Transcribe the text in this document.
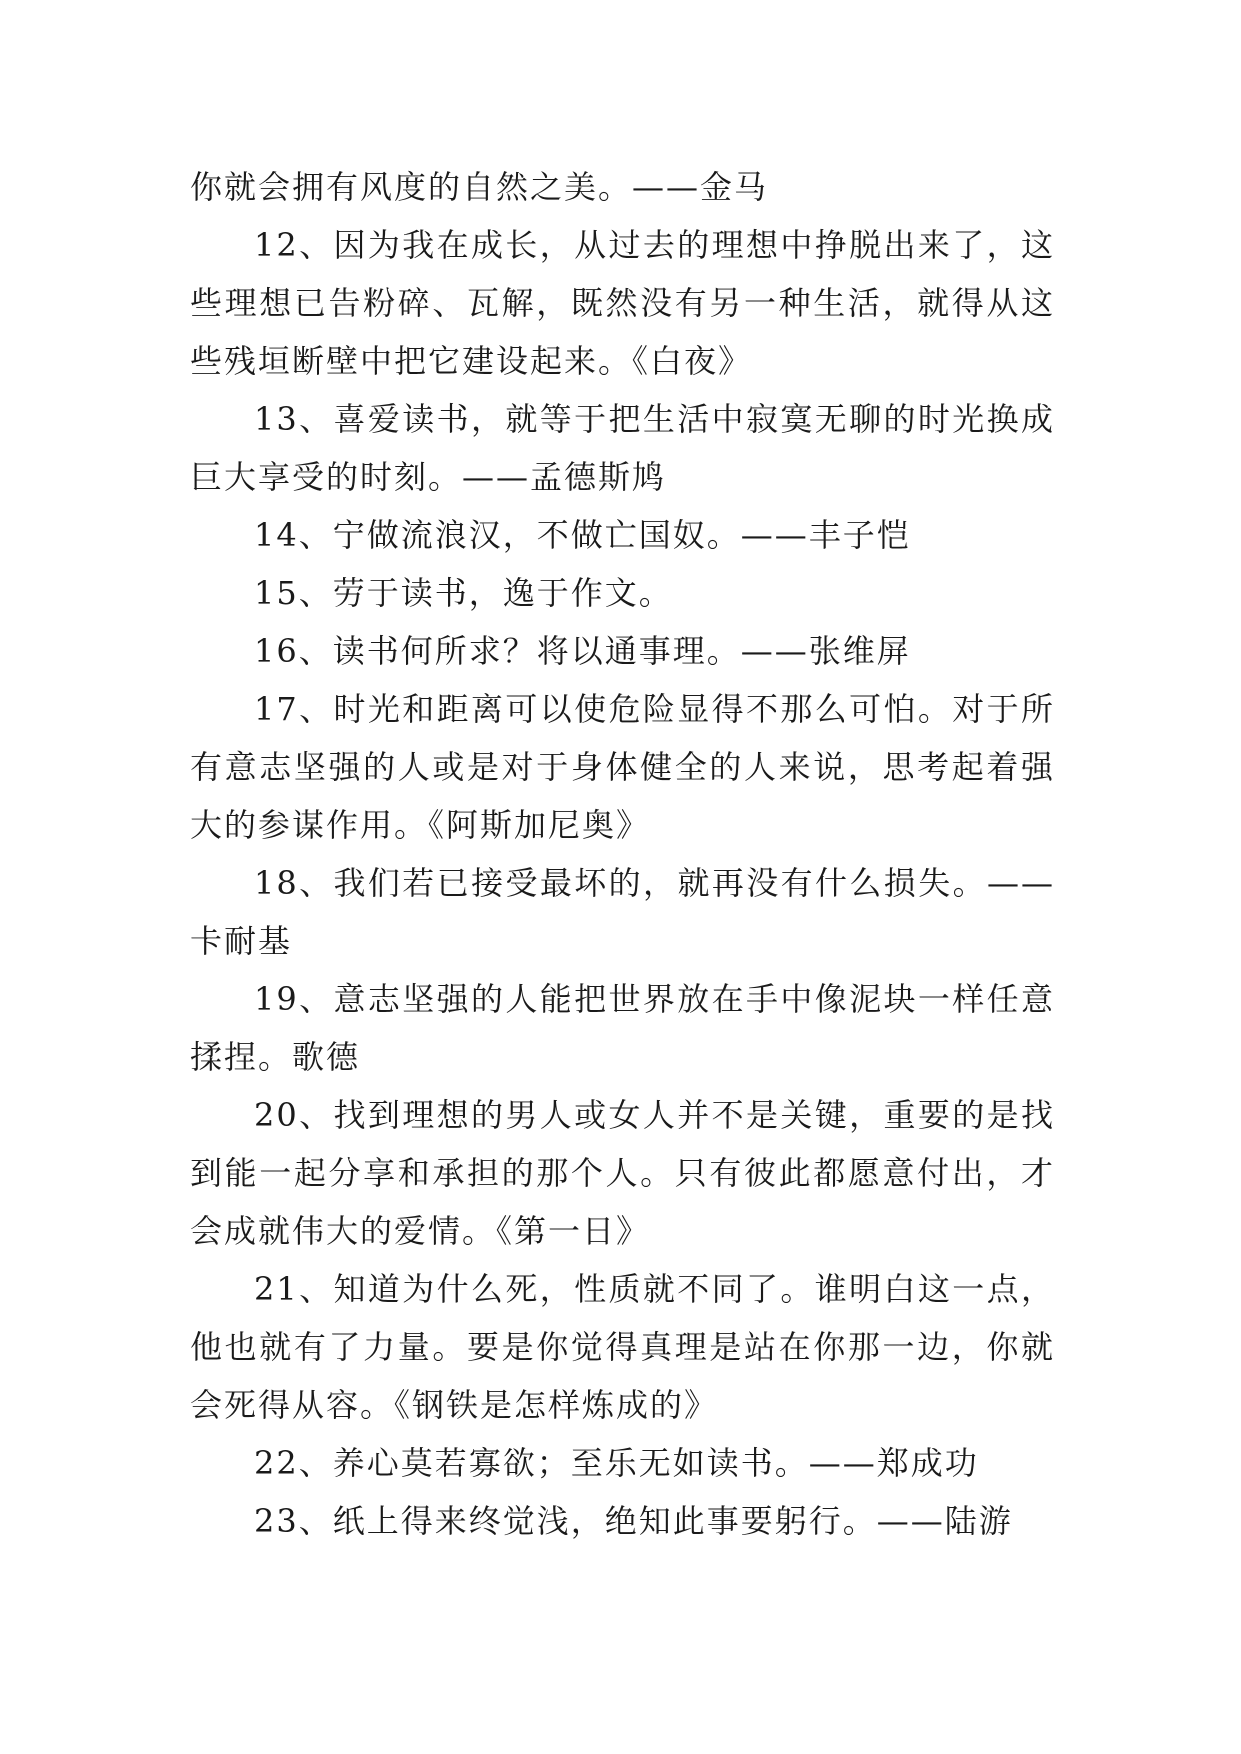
你就会拥有风度的自然之美。——金马

12、因为我在成长，从过去的理想中挣脱出来了，这些理想已告粉碎、瓦解，既然没有另一种生活，就得从这些残垣断壁中把它建设起来。《白夜》

13、喜爱读书，就等于把生活中寂寞无聊的时光换成巨大享受的时刻。——孟德斯鸠

14、宁做流浪汉，不做亡国奴。——丰子恺

15、劳于读书，逸于作文。

16、读书何所求？将以通事理。——张维屏

17、时光和距离可以使危险显得不那么可怕。对于所有意志坚强的人或是对于身体健全的人来说，思考起着强大的参谋作用。《阿斯加尼奥》

18、我们若已接受最坏的，就再没有什么损失。——卡耐基

19、意志坚强的人能把世界放在手中像泥块一样任意揉捏。歌德

20、找到理想的男人或女人并不是关键，重要的是找到能一起分享和承担的那个人。只有彼此都愿意付出，才会成就伟大的爱情。《第一日》

21、知道为什么死，性质就不同了。谁明白这一点，他也就有了力量。要是你觉得真理是站在你那一边，你就会死得从容。《钢铁是怎样炼成的》

22、养心莫若寡欲；至乐无如读书。——郑成功

23、纸上得来终觉浅，绝知此事要躬行。——陆游
